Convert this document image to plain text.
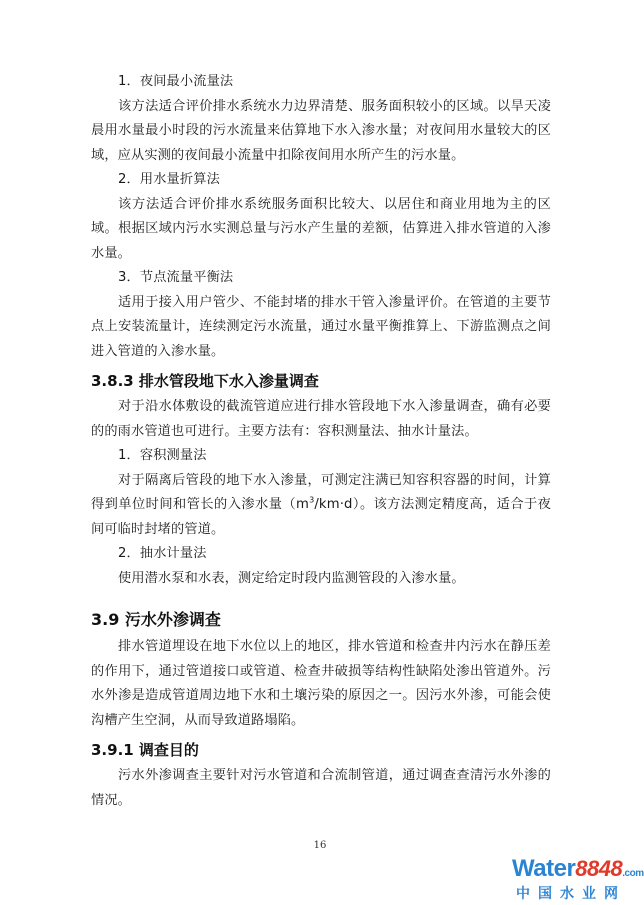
1．夜间最小流量法

该方法适合评价排水系统水力边界清楚、服务面积较小的区域。以旱天凌晨用水量最小时段的污水流量来估算地下水入渗水量；对夜间用水量较大的区域，应从实测的夜间最小流量中扣除夜间用水所产生的污水量。

2．用水量折算法

该方法适合评价排水系统服务面积比较大、以居住和商业用地为主的区域。根据区域内污水实测总量与污水产生量的差额，估算进入排水管道的入渗水量。

3．节点流量平衡法

适用于接入用户管少、不能封堵的排水干管入渗量评价。在管道的主要节点上安装流量计，连续测定污水流量，通过水量平衡推算上、下游监测点之间进入管道的入渗水量。

3.8.3 排水管段地下水入渗量调查

对于沿水体敷设的截流管道应进行排水管段地下水入渗量调查，确有必要的的雨水管道也可进行。主要方法有：容积测量法、抽水计量法。

1．容积测量法

对于隔离后管段的地下水入渗量，可测定注满已知容积容器的时间，计算得到单位时间和管长的入渗水量$(m^3/km\cdot d)$。该方法测定精度高，适合于夜间可临时封堵的管道。

2．抽水计量法

使用潜水泵和水表，测定给定时段内监测管段的入渗水量。

3.9 污水外渗调查

排水管道埋设在地下水位以上的地区，排水管道和检查井内污水在静压差的作用下，通过管道接口或管道、检查井破损等结构性缺陷处渗出管道外。污水外渗是造成管道周边地下水和土壤污染的原因之一。因污水外渗，可能会使沟槽产生空洞，从而导致道路塌陷。

3.9.1 调查目的

污水外渗调查主要针对污水管道和合流制管道，通过调查查清污水外渗的情况。

16
Water8848.com
中国水业网
